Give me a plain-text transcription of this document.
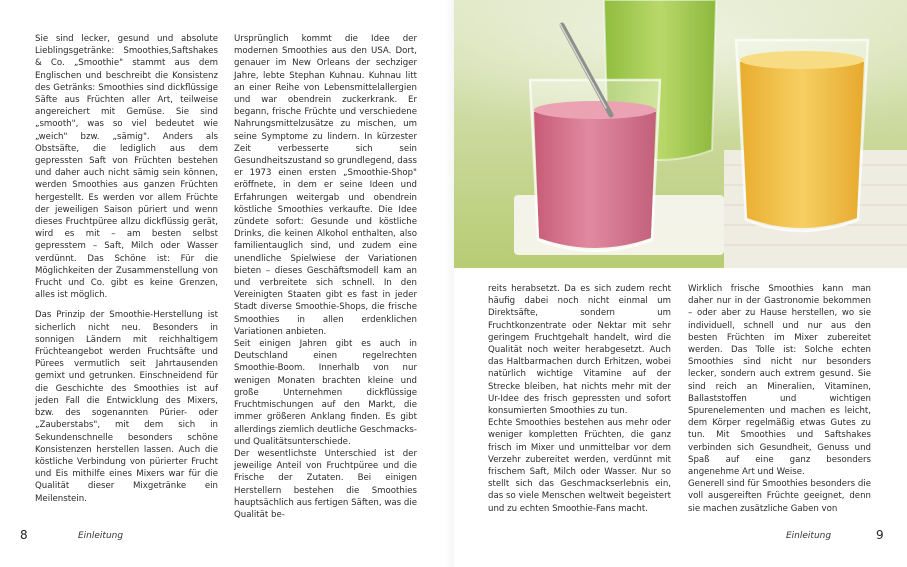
Sie sind lecker, gesund und absolute Lieblingsgetränke: Smoothies,Saftshakes & Co. „Smoothie" stammt aus dem Englischen und beschreibt die Konsistenz des Getränks: Smoothies sind dickflüssige Säfte aus Früchten aller Art, teilweise angereichert mit Gemüse. Sie sind „smooth", was so viel bedeutet wie „weich" bzw. „sämig". Anders als Obstsäfte, die lediglich aus dem gepressten Saft von Früchten bestehen und daher auch nicht sämig sein können, werden Smoothies aus ganzen Früchten hergestellt. Es werden vor allem Früchte der jeweiligen Saison püriert und wenn dieses Fruchtpüree allzu dickflüssig gerät, wird es mit – am besten selbst gepresstem – Saft, Milch oder Wasser verdünnt. Das Schöne ist: Für die Möglichkeiten der Zusammenstellung von Frucht und Co. gibt es keine Grenzen, alles ist möglich.

Das Prinzip der Smoothie-Herstellung ist sicherlich nicht neu. Besonders in sonnigen Ländern mit reichhaltigem Früchteangebot werden Fruchtsäfte und Pürees vermutlich seit Jahrtausenden gemixt und getrunken. Einschneidend für die Geschichte des Smoothies ist auf jeden Fall die Entwicklung des Mixers, bzw. des sogenannten Pürier- oder „Zauberstabs", mit dem sich in Sekundenschnelle besonders schöne Konsistenzen herstellen lassen. Auch die köstliche Verbindung von pürierter Frucht und Eis mithilfe eines Mixers war für die Qualität dieser Mixgetränke ein Meilenstein.

Ursprünglich kommt die Idee der modernen Smoothies aus den USA. Dort, genauer im New Orleans der sechziger Jahre, lebte Stephan Kuhnau. Kuhnau litt an einer Reihe von Lebensmittelallergien und war obendrein zuckerkrank. Er begann, frische Früchte und verschiedene Nahrungsmittelzusätze zu mischen, um seine Symptome zu lindern. In kürzester Zeit verbesserte sich sein Gesundheitszustand so grundlegend, dass er 1973 einen ersten „Smoothie-Shop" eröffnete, in dem er seine Ideen und Erfahrungen weitergab und obendrein köstliche Smoothies verkaufte. Die Idee zündete sofort: Gesunde und köstliche Drinks, die keinen Alkohol enthalten, also familientauglich sind, und zudem eine unendliche Spielwiese der Variationen bieten – dieses Geschäftsmodell kam an und verbreitete sich schnell. In den Vereinigten Staaten gibt es fast in jeder Stadt diverse Smoothie-Shops, die frische Smoothies in allen erdenklichen Variationen anbieten.

Seit einigen Jahren gibt es auch in Deutschland einen regelrechten Smoothie-Boom. Innerhalb von nur wenigen Monaten brachten kleine und große Unternehmen dickflüssige Fruchtmischungen auf den Markt, die immer größeren Anklang finden. Es gibt allerdings ziemlich deutliche Geschmacks- und Qualitätsunterschiede.

Der wesentlichste Unterschied ist der jeweilige Anteil von Fruchtpüree und die Frische der Zutaten. Bei einigen Herstellern bestehen die Smoothies hauptsächlich aus fertigen Säften, was die Qualität be-

8	Einleitung

reits herabsetzt. Da es sich zudem recht häufig dabei noch nicht einmal um Direktsäfte, sondern um Fruchtkonzentrate oder Nektar mit sehr geringem Fruchtgehalt handelt, wird die Qualität noch weiter herabgesetzt. Auch das Haltbarmachen durch Erhitzen, wobei natürlich wichtige Vitamine auf der Strecke bleiben, hat nichts mehr mit der Ur-Idee des frisch gepressten und sofort konsumierten Smoothies zu tun.

Echte Smoothies bestehen aus mehr oder weniger kompletten Früchten, die ganz frisch im Mixer und unmittelbar vor dem Verzehr zubereitet werden, verdünnt mit frischem Saft, Milch oder Wasser. Nur so stellt sich das Geschmackserlebnis ein, das so viele Menschen weltweit begeistert und zu echten Smoothie-Fans macht.

Wirklich frische Smoothies kann man daher nur in der Gastronomie bekommen – oder aber zu Hause herstellen, wo sie individuell, schnell und nur aus den besten Früchten im Mixer zubereitet werden. Das Tolle ist: Solche echten Smoothies sind nicht nur besonders lecker, sondern auch extrem gesund. Sie sind reich an Mineralien, Vitaminen, Ballaststoffen und wichtigen Spurenelementen und machen es leicht, dem Körper regelmäßig etwas Gutes zu tun. Mit Smoothies und Saftshakes verbinden sich Gesundheit, Genuss und Spaß auf eine ganz besonders angenehme Art und Weise.

Generell sind für Smoothies besonders die voll ausgereiften Früchte geeignet, denn sie machen zusätzliche Gaben von

Einleitung	9
